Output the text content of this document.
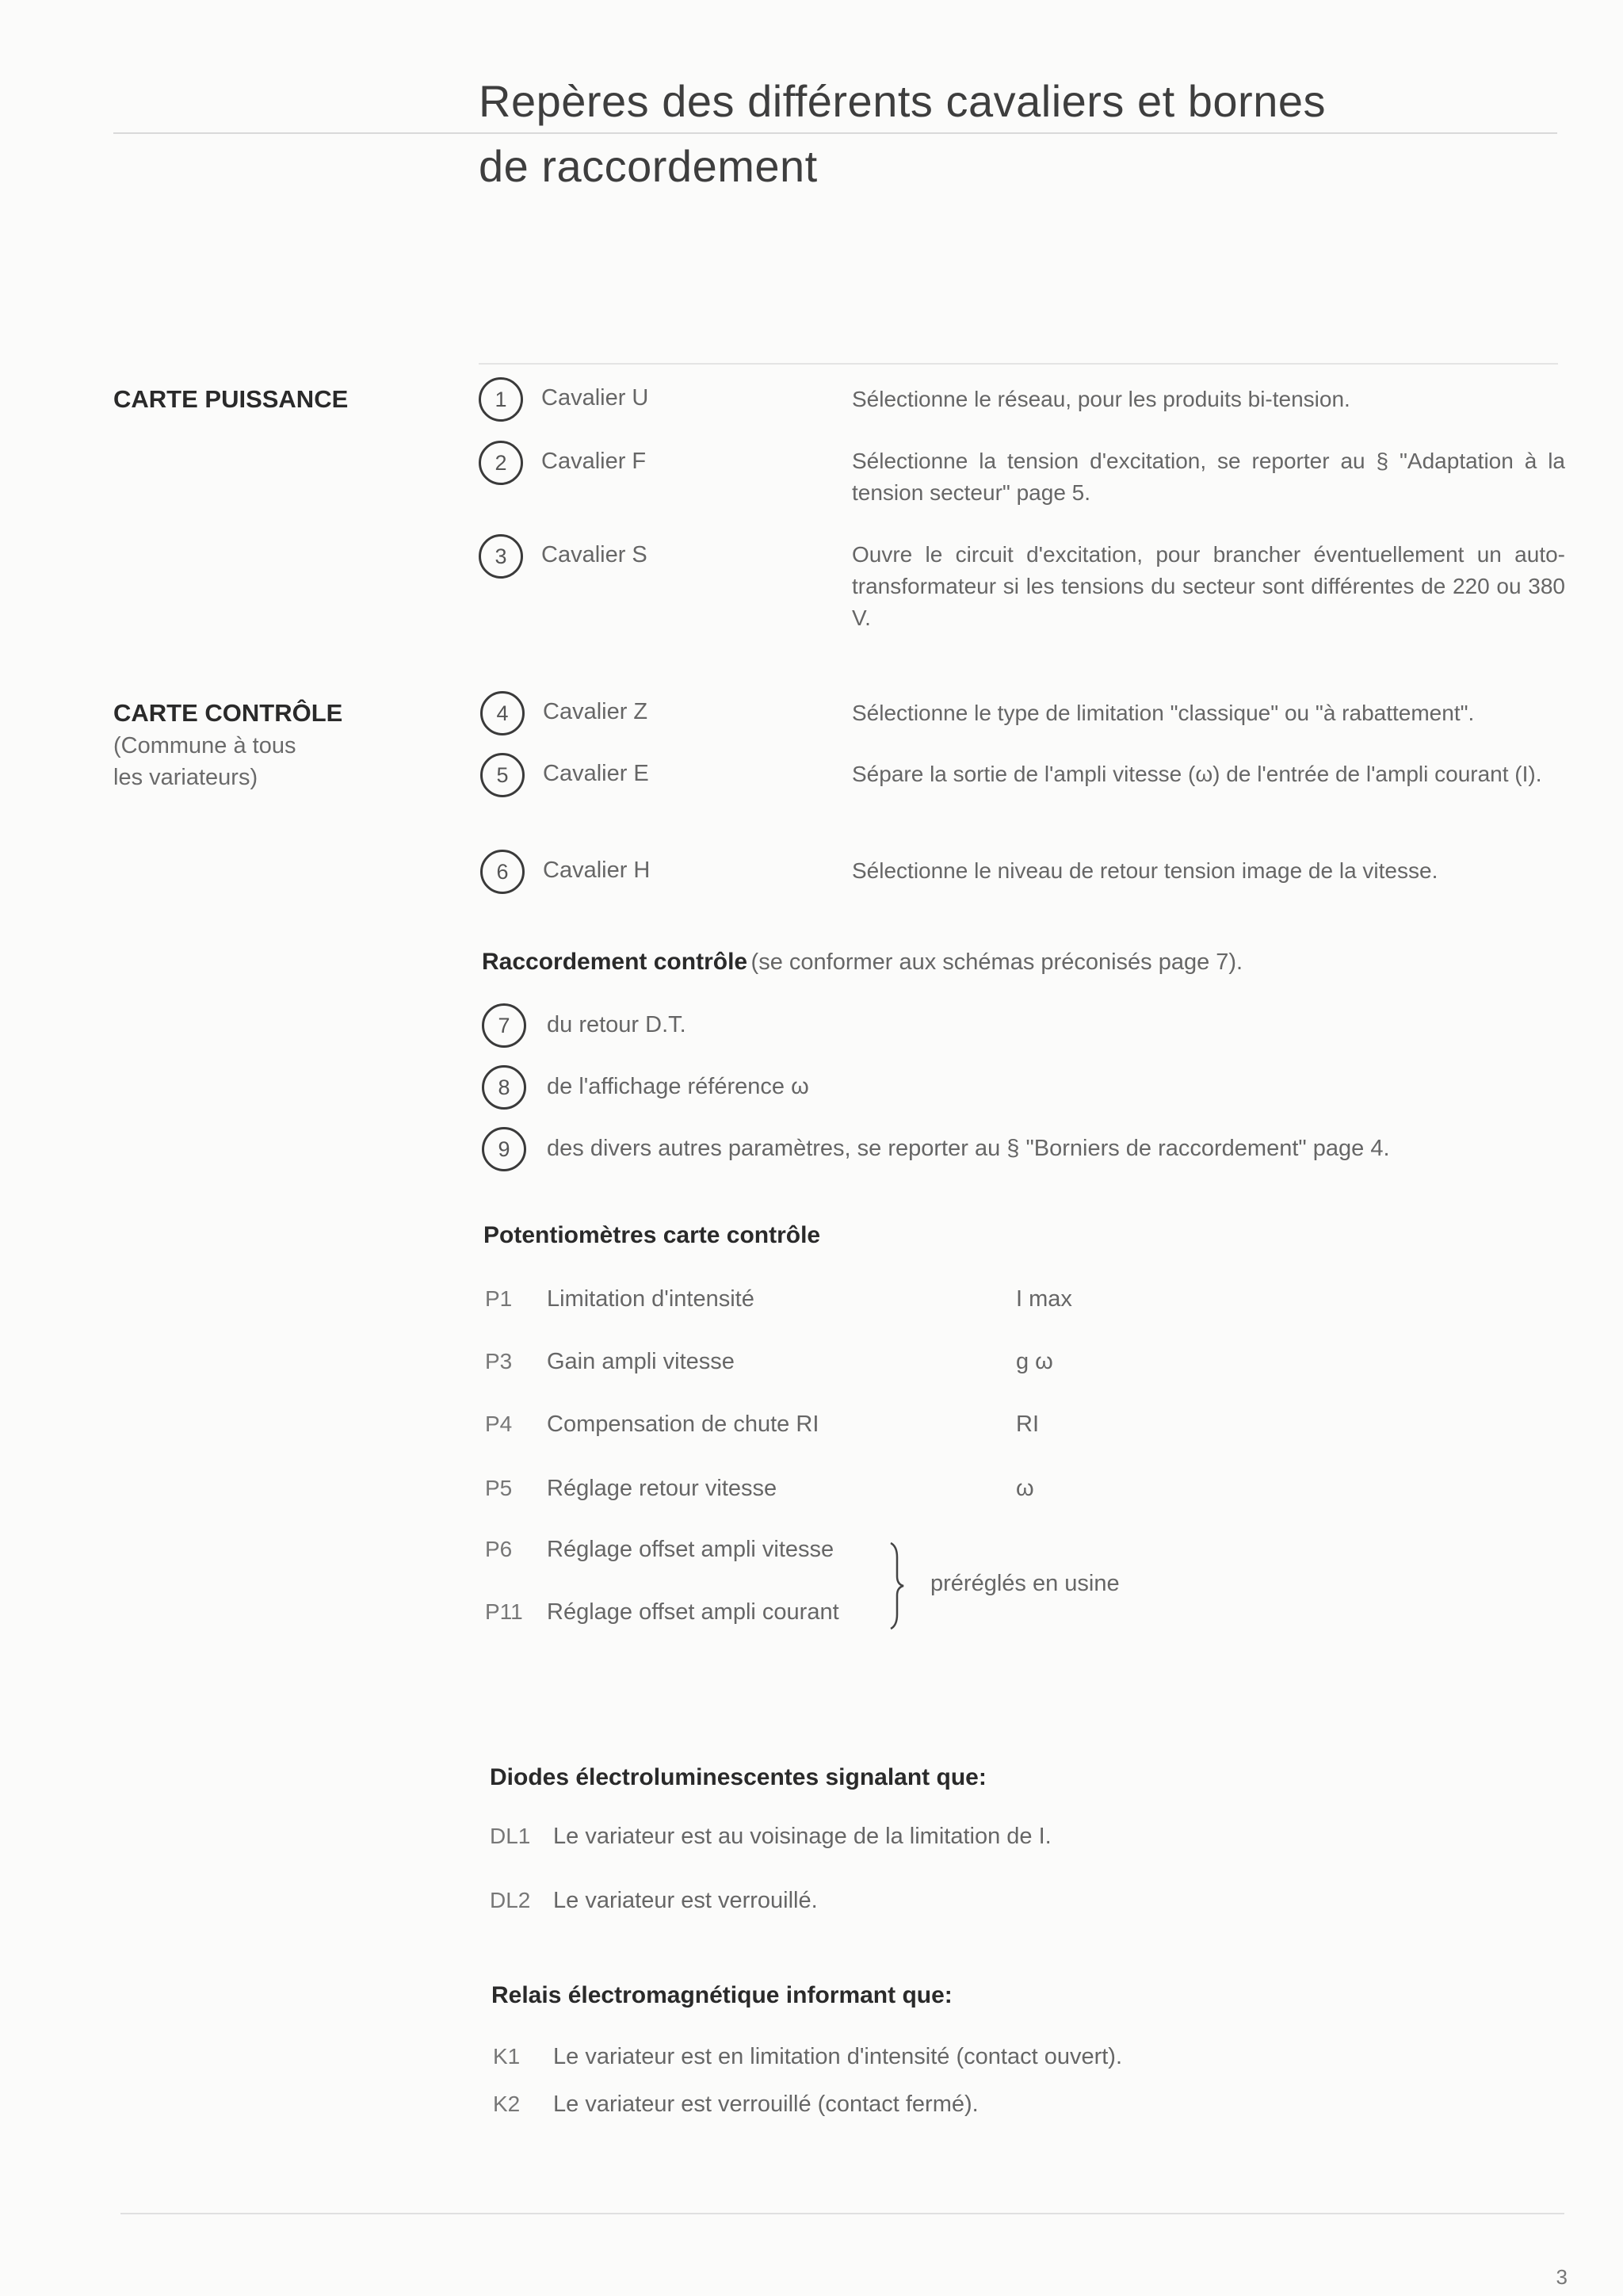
Repères des différents cavaliers et bornes
de raccordement
CARTE PUISSANCE	1	Cavalier U	Sélectionne le réseau, pour les produits bi-tension.
2	Cavalier F	Sélectionne la tension d'excitation, se reporter au § "Adaptation à la tension secteur" page 5.
3	Cavalier S	Ouvre le circuit d'excitation, pour brancher éventuellement un auto-transformateur si les tensions du secteur sont différentes de 220 ou 380 V.
CARTE CONTRÔLE
(Commune à tous
les variateurs)
4	Cavalier Z	Sélectionne le type de limitation "classique" ou "à rabattement".
5	Cavalier E	Sépare la sortie de l'ampli vitesse (ω) de l'entrée de l'ampli courant (I).
6	Cavalier H	Sélectionne le niveau de retour tension image de la vitesse.
Raccordement contrôle (se conformer aux schémas préconisés page 7).
7	du retour D.T.
8	de l'affichage référence ω
9	des divers autres paramètres, se reporter au § "Borniers de raccordement" page 4.
Potentiomètres carte contrôle
P1 Limitation d'intensité	I max
P3 Gain ampli vitesse	g ω
P4 Compensation de chute RI	RI
P5 Réglage retour vitesse	ω
P6 Réglage offset ampli vitesse
P11 Réglage offset ampli courant
préréglés en usine
Diodes électroluminescentes signalant que:
DL1 Le variateur est au voisinage de la limitation de I.
DL2 Le variateur est verrouillé.
Relais électromagnétique informant que:
K1 Le variateur est en limitation d'intensité (contact ouvert).
K2 Le variateur est verrouillé (contact fermé).
3
